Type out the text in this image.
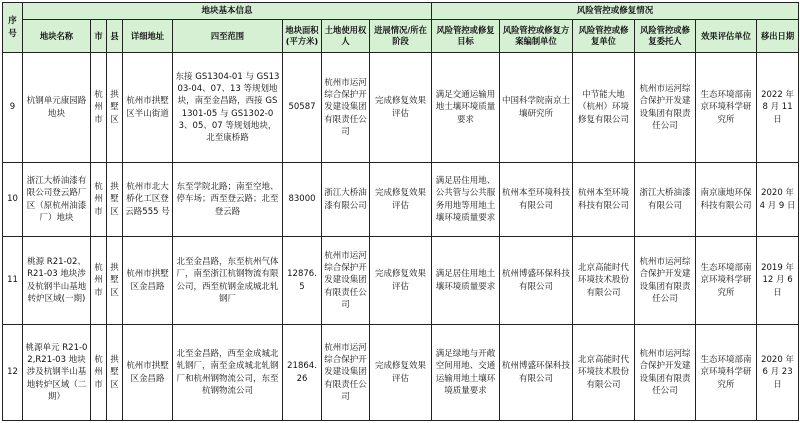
序号	地块基本信息								风险管控或修复情况					
	地块名称	市	县	详细地址	四至范围	地块面积(平方米)	土地使用权人	进展情况/所在阶段	风险管控或修复目标	风险管控或修复方案编制单位	风险管控或修复单位	风险管控或修复委托人	效果评估单位	移出日期
9	杭钢单元康园路地块	杭州市	拱墅区	杭州市拱墅区半山街道	东接 GS1304-01 与 GS1303-04、07、13 等规划地块，南至金昌路，西接 GS1301-05 与 GS1302-03、05、07 等规划地块，北至康桥路	50587	杭州市运河综合保护开发建设集团有限责任公司	完成修复效果评估	满足交通运输用地土壤环境质量要求	中国科学院南京土壤研究所	中节能大地（杭州）环境修复有限公司	杭州市运河综合保护开发建设集团有限责任公司	生态环境部南京环境科学研究所	2022 年 8 月 11 日
10	浙江大桥油漆有限公司登云路厂区（原杭州油漆厂）地块	杭州市	拱墅区	杭州市北大桥化工区登云路555 号	东至学院北路；南至空地、停车场；西至登云路；北至登云路	83000	浙江大桥油漆有限公司	完成修复效果评估	满足居住用地、公共管与公共服务用地等用地土壤环境质量要求	杭州本至环境科技有限公司	杭州本至环境科技有限公司	浙江大桥油漆有限公司	南京康地环保科技有限公司	2020 年 4 月 9 日
11	桃源 R21-02、R21-03 地块涉及杭钢半山基地转炉区域(一期)	杭州市	拱墅区	杭州市拱墅区金昌路	北至金昌路，东至杭州气体厂，南至浙江杭钢物流有限公司，西至杭钢金成城北轧钢厂	12876.5	杭州市运河综合保护开发建设集团有限责任公司	完成修复效果评估	满足居住用地土壤环境质量要求	杭州博盛环保科技有限公司	北京高能时代环境技术股份有限公司	杭州市运河综合保护开发建设集团有限责任公司	生态环境部南京环境科学研究所	2019 年 12 月 6 日
12	桃源单元 R21-02,R21-03 地块涉及杭钢半山基地转炉区域（二期）	杭州市	拱墅区	杭州市拱墅区金昌路	北至金昌路，西至金成城北轧钢厂，南至金成城北轧钢厂和杭州钢物流公司，东至杭钢物流公司	21864.26	杭州市运河综合保护开发建设集团有限责任公司	完成修复效果评估	满足绿地与开敞空间用地、交通运输用地土壤环境质量要求	杭州博盛环保科技有限公司	北京高能时代环境技术股份有限公司	杭州市运河综合保护开发建设集团有限责任公司	生态环境部南京环境科学研究所	2020 年 6 月 23 日
